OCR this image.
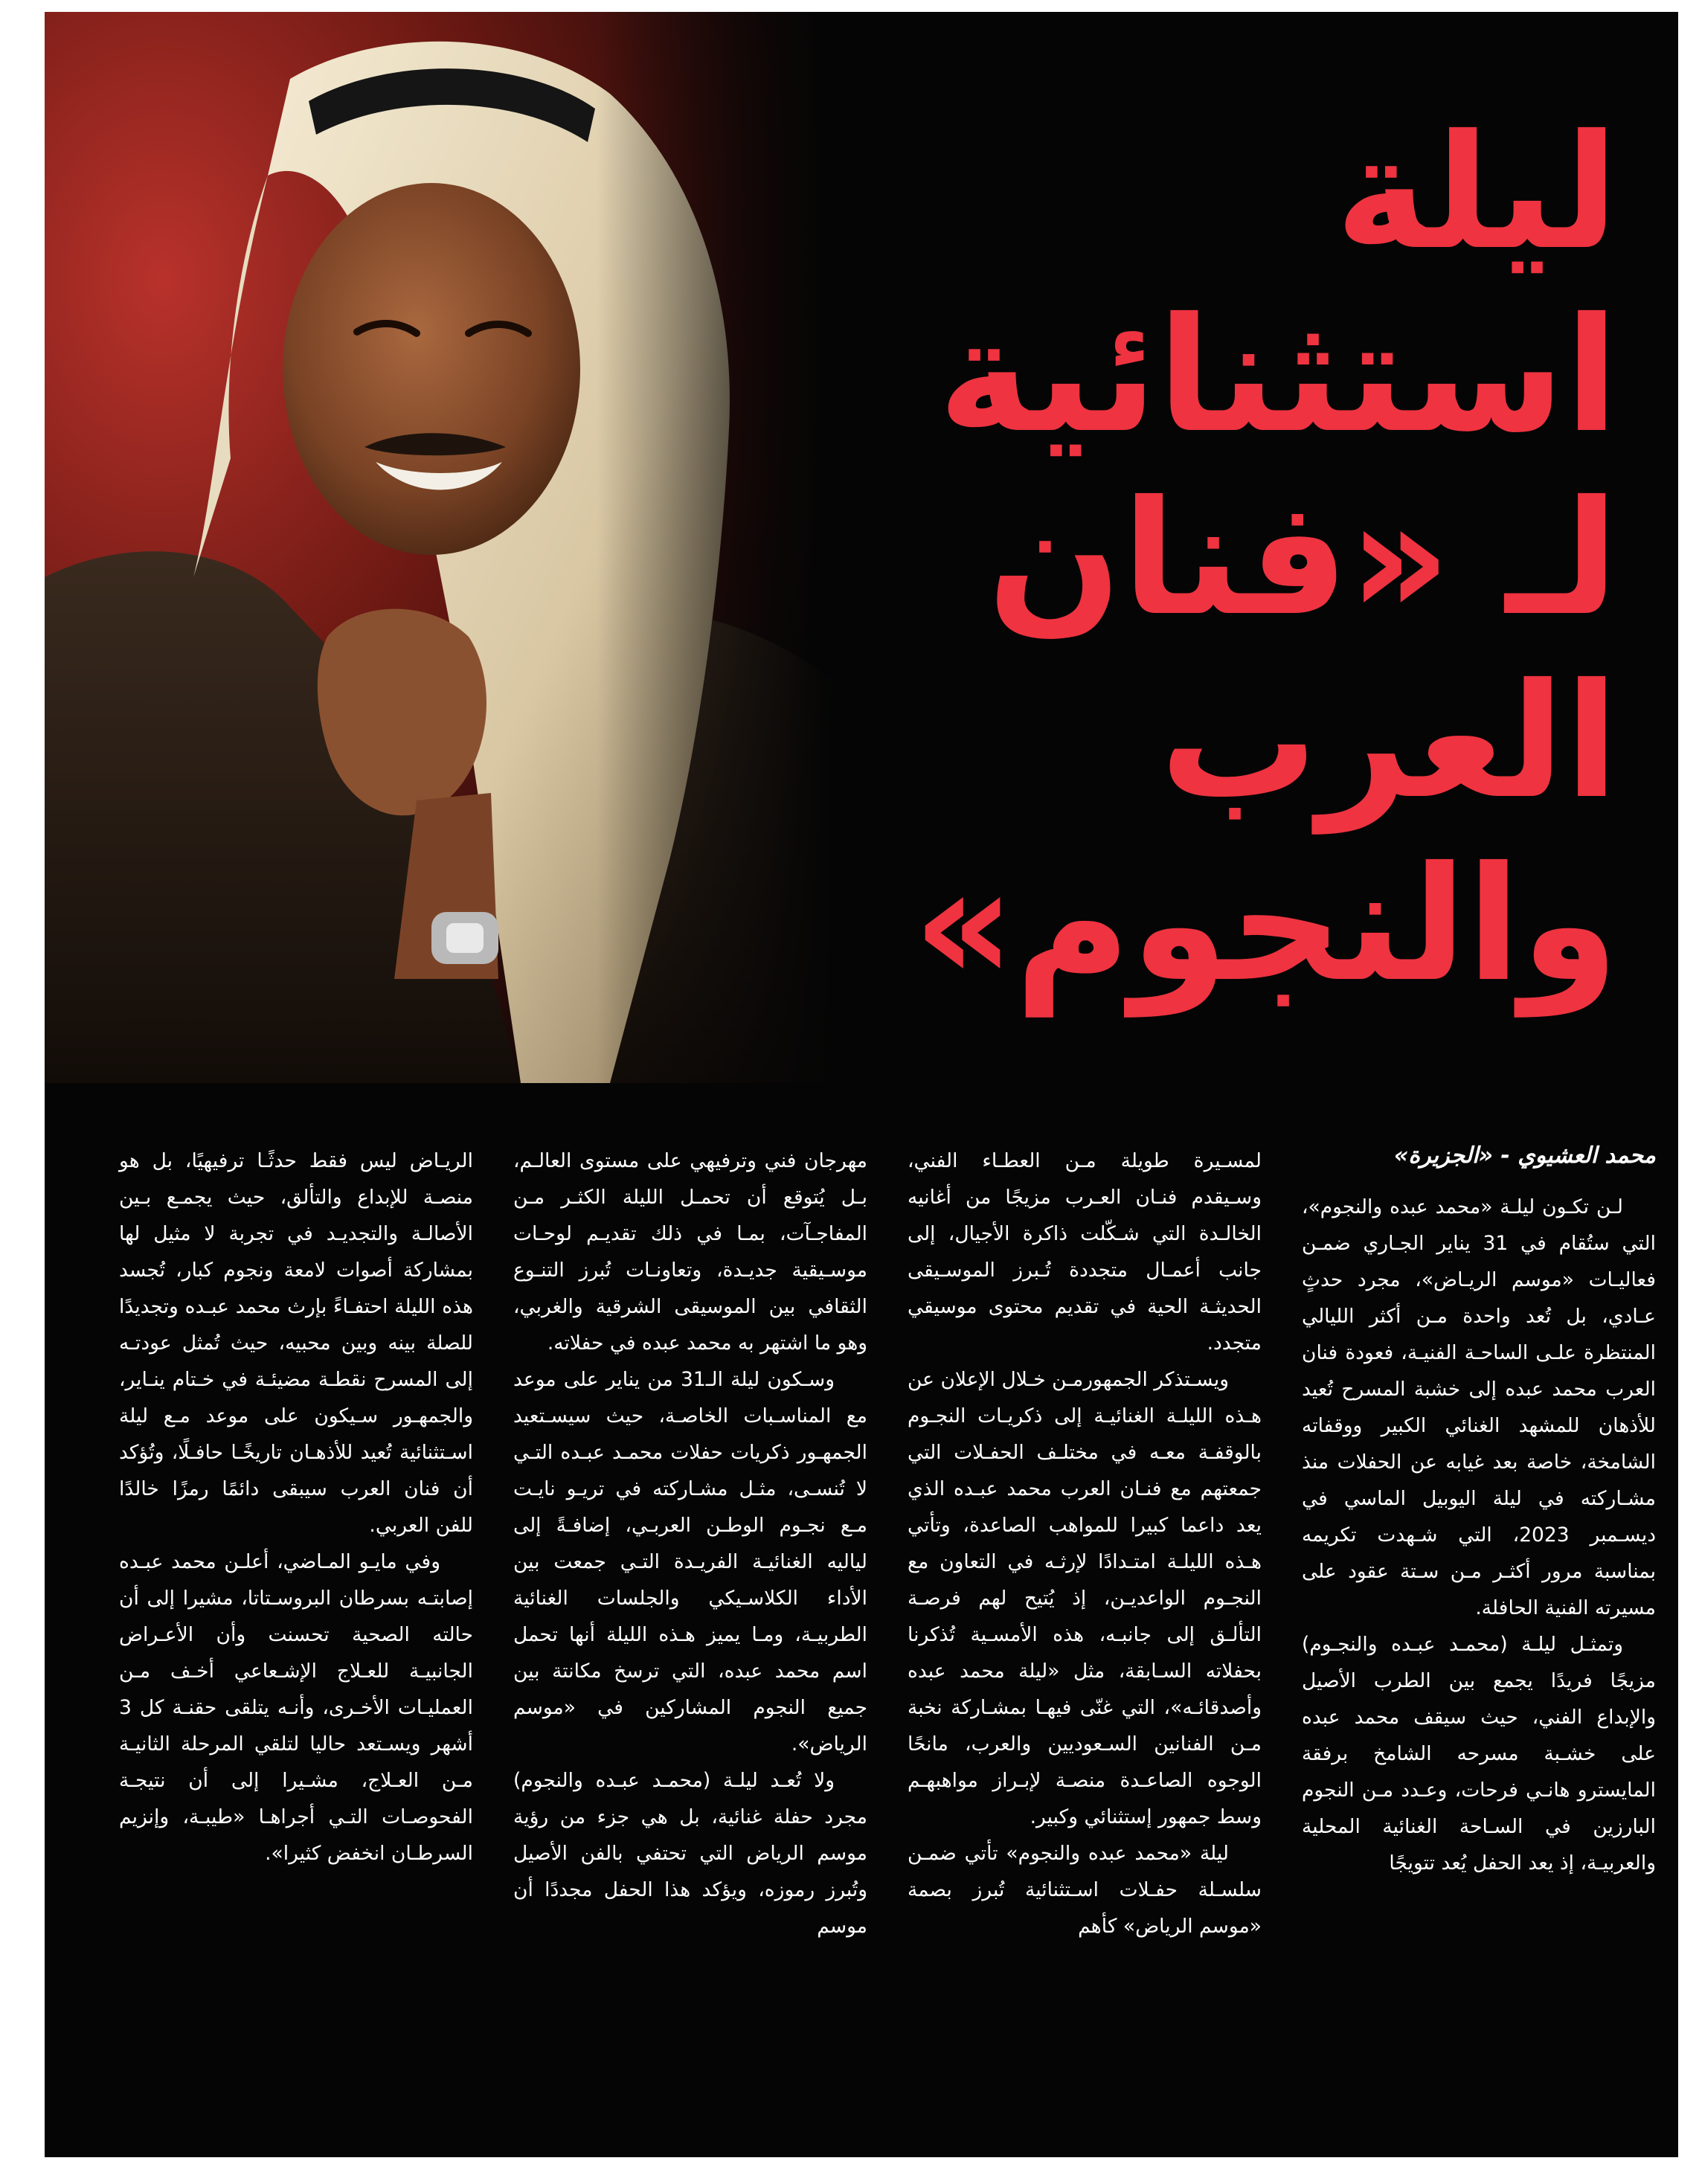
ليلة
استثنائية
لـ «فنان
العرب
والنجوم»
محمد العشيوي - «الجزيرة»

لـن تكـون ليلـة «محمد عبده والنجوم»، التي ستُقام في 31 يناير الجـاري ضمـن فعاليـات «موسم الريـاض»، مجرد حدثٍ عـادي، بل تُعد واحدة مـن أكثر الليالي المنتظرة علـى الساحـة الفنيـة، فعودة فنان العرب محمد عبده إلى خشبة المسرح تُعيد للأذهان للمشهد الغنائي الكبير ووقفاته الشامخة، خاصة بعد غيابه عن الحفلات منذ مشـاركته في ليلة اليوبيل الماسي في ديسـمبر 2023، التي شـهدت تكريمه بمناسبة مرور أكثـر مـن سـتة عقود على مسيرته الفنية الحافلة.

وتمثـل ليلـة (محمـد عبـده والنجـوم) مزيجًا فريدًا يجمع بين الطرب الأصيل والإبداع الفني، حيث سيقف محمد عبده على خشـبة مسرحه الشامخ برفقة المايسترو هانـي فرحات، وعـدد مـن النجوم البارزين في السـاحة الغنائية المحلية والعربيـة، إذ يعد الحفل يُعد تتويجًا

لمسـيرة طويلة مـن العطـاء الفني، وسـيقدم فنـان العـرب مزيجًا من أغانيه الخالـدة التي شـكّلت ذاكرة الأجيال، إلى جانب أعمـال متجددة تُـبرز الموسـيقى الحديثـة الحية في تقديم محتوى موسيقي متجدد.

ويسـتذكر الجمهورمـن خـلال الإعلان عن هـذه الليلـة الغنائيـة إلى ذكريـات النجـوم بالوقفـة معـه في مختلـف الحفـلات التي جمعتهم مع فنـان العرب محمد عبـده الذي يعد داعما كبيرا للمواهب الصاعدة، وتأتي هـذه الليلـة امتـدادًا لإرثـه في التعاون مع النجـوم الواعديـن، إذ يُتيح لهم فرصـة التألـق إلى جانبـه، هذه الأمسـية تُذكرنا بحفلاته السـابقة، مثل «ليلة محمد عبده وأصدقائـه»، التي غنّى فيهـا بمشـاركة نخبة مـن الفنانين السـعوديين والعرب، مانحًا الوجوه الصاعـدة منصـة لإبـراز مواهبهـم وسط جمهور إستثنائي وكبير.

ليلة «محمد عبده والنجوم» تأتي ضمـن سلسـلة حفـلات اسـتثنائية تُبرز بصمة «موسم الرياض» كأهم

مهرجان فني وترفيهي على مستوى العالـم، بـل يُتوقع أن تحمـل الليلة الكثـر مـن المفاجـآت، بمـا في ذلك تقديـم لوحـات موسـيقية جديـدة، وتعاونـات تُبرز التنـوع الثقافي بين الموسيقى الشرقية والغربي، وهو ما اشتهر به محمد عبده في حفلاته.

وسـكون ليلة الـ31 من يناير على موعد مع المناسـبات الخاصـة، حيث سيسـتعيد الجمهـور ذكريات حفلات محمـد عبـده التـي لا تُنسـى، مثـل مشـاركته في تريـو نايـت مـع نجـوم الوطـن العربـي، إضافـةً إلى لياليه الغنائيـة الفريـدة التـي جمعت بين الأداء الكلاسـيكي والجلسات الغنائية الطربيـة، ومـا يميز هـذه الليلة أنها تحمل اسم محمد عبده، التي ترسخ مكانتة بين جميع النجوم المشاركين في «موسم الرياض».

ولا تُعـد ليلـة (محمـد عبـده والنجوم) مجرد حفلة غنائية، بل هي جزء من رؤية موسم الرياض التي تحتفي بالفن الأصيل وتُبرز رموزه، ويؤكد هذا الحفل مجددًا أن موسم

الريـاض ليس فقط حدثًـا ترفيهيًا، بل هو منصـة للإبداع والتألق، حيث يجمـع بـين الأصالـة والتجديـد في تجربة لا مثيل لها بمشاركة أصوات لامعة ونجوم كبار، تُجسد هذه الليلة احتفـاءً بإرث محمد عبـده وتجديدًا للصلة بينه وبين محبيه، حيث تُمثل عودتـه إلى المسرح نقطـة مضيئـة في خـتام ينـاير، والجمهـور سـيكون على موعد مـع ليلة اسـتثنائية تُعيد للأذهـان تاريخًـا حافـلًا، وتُؤكد أن فنان العرب سيبقى دائمًا رمزًا خالدًا للفن العربي.

وفي مايـو المـاضي، أعلـن محمد عبـده إصابتـه بسرطان البروسـتاتا، مشيرا إلى أن حالته الصحية تحسنت وأن الأعـراض الجانبيـة للعـلاج الإشـعاعي أخـف مـن العمليـات الأخـرى، وأنـه يتلقى حقنـة كل 3 أشهر ويسـتعد حاليا لتلقي المرحلة الثانيـة مـن العـلاج، مشـيرا إلى أن نتيجـة الفحوصـات التـي أجراهـا «طيبـة، وإنزيم السرطـان انخفض كثيرا».
